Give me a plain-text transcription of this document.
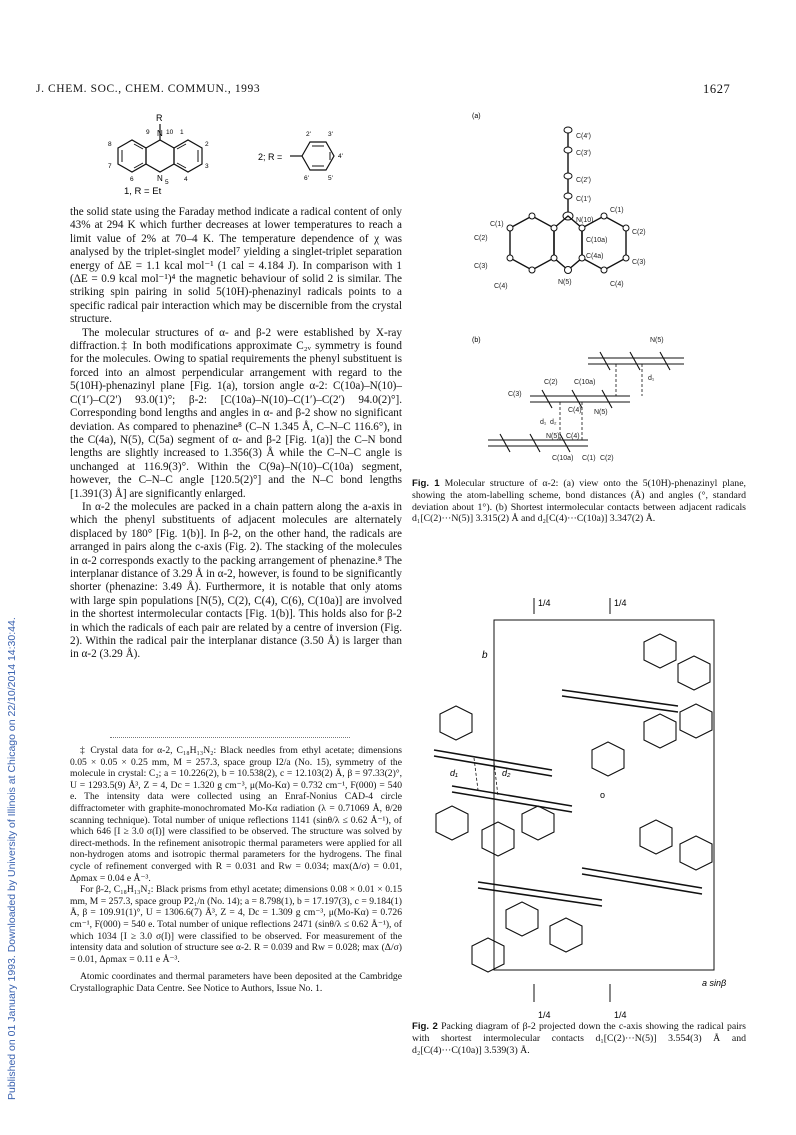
Published on 01 January 1993. Downloaded by University of Illinois at Chicago on 22/10/2014 14:30:44.
J. CHEM. SOC., CHEM. COMMUN., 1993	1627
R
N
N
9	10 1
2
3
4
5
6
7
8
1, R = Et
2; R =
2'	3'
4'
5'
6'

the solid state using the Faraday method indicate a radical content of only 43% at 294 K which further decreases at lower temperatures to reach a limit value of 2% at 70–4 K. The temperature dependence of χ was analysed by the triplet-singlet model⁷ yielding a singlet-triplet separation energy of ΔE = 1.1 kcal mol⁻¹ (1 cal = 4.184 J). In comparison with 1 (ΔE = 0.9 kcal mol⁻¹)⁴ the magnetic behaviour of solid 2 is similar. The striking spin pairing in solid 5(10H)-phenazinyl radicals points to a specific radical pair interaction which may be discernible from the crystal structure.

The molecular structures of α- and β-2 were established by X-ray diffraction.‡ In both modifications approximate C₂ᵥ symmetry is found for the molecules. Owing to spatial requirements the phenyl substituent is forced into an almost perpendicular arrangement with regard to the 5(10H)-phenazinyl plane [Fig. 1(a), torsion angle α-2: C(10a)–N(10)–C(1′)–C(2′) 93.0(1)°; β-2: [C(10a)–N(10)–C(1′)–C(2′) 94.0(2)°]. Corresponding bond lengths and angles in α- and β-2 show no significant deviation. As compared to phenazine⁸ (C–N 1.345 Å, C–N–C 116.6°), in the C(4a), N(5), C(5a) segment of α- and β-2 [Fig. 1(a)] the C–N bond lengths are slightly increased to 1.356(3) Å while the C–N–C angle is unchanged at 116.9(3)°. Within the C(9a)–N(10)–C(10a) segment, however, the C–N–C angle [120.5(2)°] and the N–C bond lengths [1.391(3) Å] are significantly enlarged.

In α-2 the molecules are packed in a chain pattern along the a-axis in which the phenyl substituents of adjacent molecules are alternately displaced by 180° [Fig. 1(b)]. In β-2, on the other hand, the radicals are arranged in pairs along the c-axis (Fig. 2). The stacking of the molecules in α-2 corresponds exactly to the packing arrangement of phenazine.⁸ The interplanar distance of 3.29 Å in α-2, however, is found to be significantly shorter (phenazine: 3.49 Å). Furthermore, it is notable that only atoms with large spin populations [N(5), C(2), C(4), C(6), C(10a)] are involved in the shortest intermolecular contacts [Fig. 1(b)]. This holds also for β-2 in which the radicals of each pair are related by a centre of inversion (Fig. 2). Within the radical pair the interplanar distance (3.50 Å) is larger than in α-2 (3.29 Å).

‡ Crystal data for α-2, C₁₈H₁₃N₂: Black needles from ethyl acetate; dimensions 0.05 × 0.05 × 0.25 mm, M = 257.3, space group I2/a (No. 15), symmetry of the molecule in crystal: C₂; a = 10.226(2), b = 10.538(2), c = 12.103(2) Å, β = 97.33(2)°, U = 1293.5(9) Å³, Z = 4, Dc = 1.320 g cm⁻³, μ(Mo-Kα) = 0.732 cm⁻¹, F(000) = 540 e. The intensity data were collected using an Enraf-Nonius CAD-4 circle diffractometer with graphite-monochromated Mo-Kα radiation (λ = 0.71069 Å, θ/2θ scanning technique). Total number of unique reflections 1141 (sinθ/λ ≤ 0.62 Å⁻¹), of which 646 [I ≥ 3.0 σ(I)] were classified to be observed. The structure was solved by direct-methods. In the refinement anisotropic thermal parameters were applied for all non-hydrogen atoms and isotropic thermal parameters for the hydrogens. The final cycle of refinement converged with R = 0.031 and Rw = 0.034; max(Δ/σ) = 0.01, Δρmax = 0.04 e Å⁻³.

For β-2, C₁₈H₁₃N₂: Black prisms from ethyl acetate; dimensions 0.08 × 0.01 × 0.15 mm, M = 257.3, space group P2₁/n (No. 14); a = 8.798(1), b = 17.197(3), c = 9.184(1) Å, β = 109.91(1)°, U = 1306.6(7) Å³, Z = 4, Dc = 1.309 g cm⁻³, μ(Mo-Kα) = 0.726 cm⁻¹, F(000) = 540 e. Total number of unique reflections 2471 (sinθ/λ ≤ 0.62 Å⁻¹), of which 1034 [I ≥ 3.0 σ(I)] were classified to be observed. For measurement of the intensity data and solution of structure see α-2. R = 0.039 and Rw = 0.028; max (Δ/σ) = 0.01, Δρmax = 0.11 e Å⁻³.

Atomic coordinates and thermal parameters have been deposited at the Cambridge Crystallographic Data Centre. See Notice to Authors, Issue No. 1.

(a)
C(4')
C(3')
C(2')
C(1')
N(10)
C(1)
C(2)
C(3)
C(4)
C(1)
C(10a)
C(2)
C(3)
C(4a)
C(4)
N(5)
(b)	N(5)
d₁
C(2) C(10a)
C(3)
C(4) N(5)
d₁ d₂
N(5) C(4)
C(10a) C(1) C(2)
Fig. 1 Molecular structure of α-2: (a) view onto the 5(10H)-phenazinyl plane, showing the atom-labelling scheme, bond distances (Å) and angles (°, standard deviation about 1°). (b) Shortest intermolecular contacts between adjacent radicals d₁[C(2)···N(5)] 3.315(2) Å and d₂[C(4)···C(10a)] 3.347(2) Å.
1/4	1/4
1/4	1/4
b
a sinβ
o
d₁	d₂
Fig. 2 Packing diagram of β-2 projected down the c-axis showing the radical pairs with shortest intermolecular contacts d₁[C(2)···N(5)] 3.554(3) Å and d₂[C(4)···C(10a)] 3.539(3) Å.
